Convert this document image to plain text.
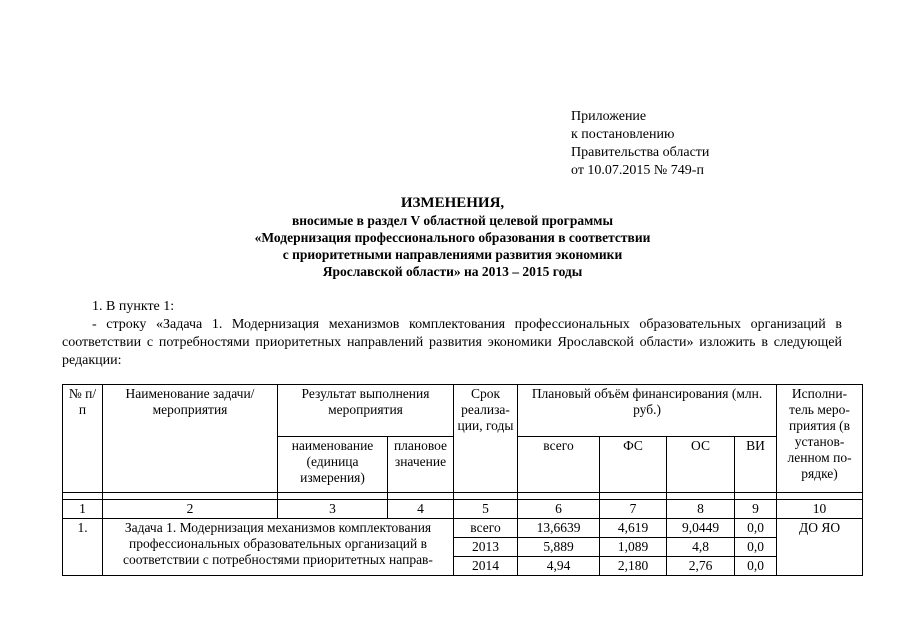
Приложение
к постановлению
Правительства области
от 10.07.2015 № 749-п
ИЗМЕНЕНИЯ,
вносимые в раздел V областной целевой программы
«Модернизация профессионального образования в соответствии
с приоритетными направлениями развития экономики
Ярославской области» на 2013 – 2015 годы
1. В пункте 1:
- строку «Задача 1. Модернизация механизмов комплектования профессиональных образовательных организаций в соответствии с потребностями приоритетных направлений развития экономики Ярославской области» изложить в следующей редакции:
№ п/п	Наименование задачи/ мероприятия	Результат выполнения мероприятия		Срок реализа-ции, годы	Плановый объём финансирования (млн. руб.)				Исполни-тель меро-приятия (в установ-ленном по-рядке)
		наименование (единица измерения)	плановое значение		всего	ФС	ОС	ВИ	

1	2	3	4	5	6	7	8	9	10
1.	Задача 1. Модернизация механизмов комплектования профессиональных образовательных организаций в соответствии с потребностями приоритетных направ-			всего	13,6639	4,619	9,0449	0,0	ДО ЯО
				2013	5,889	1,089	4,8	0,0	
				2014	4,94	2,180	2,76	0,0	
